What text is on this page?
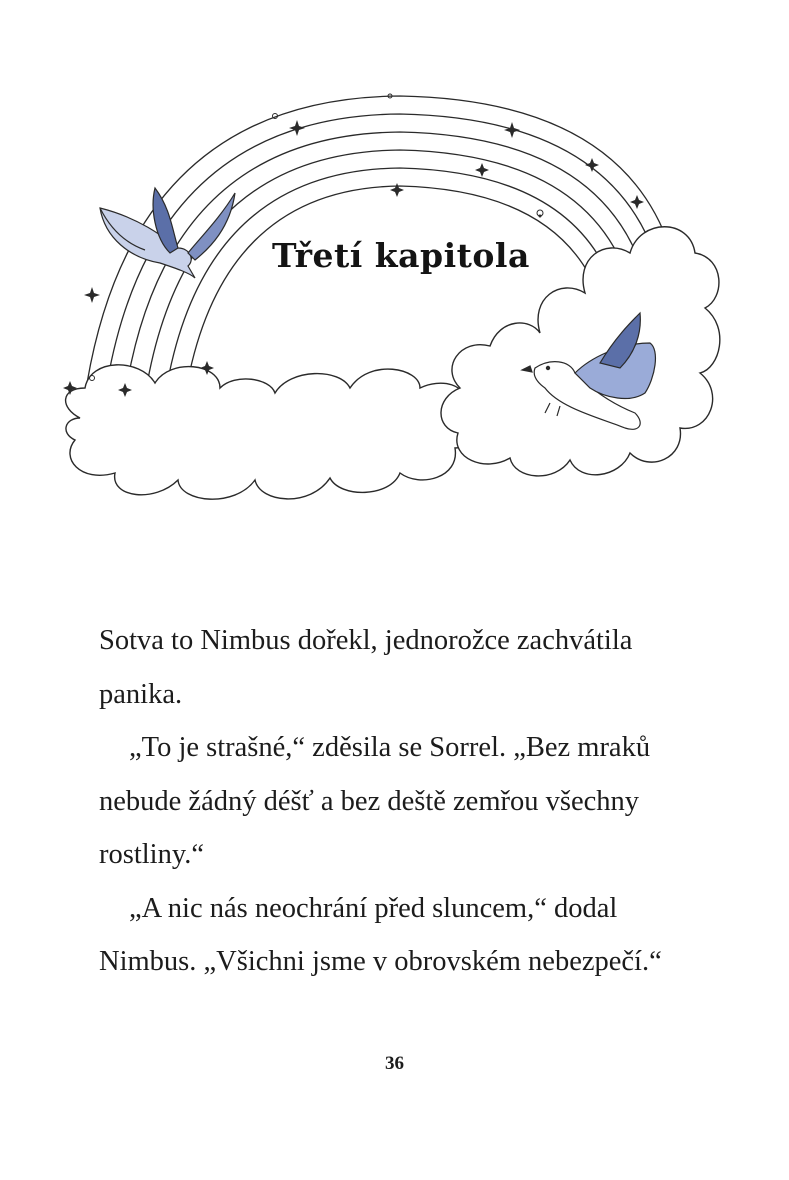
Třetí kapitola

Sotva to Nimbus dořekl, jednorožce zachvátila panika.

„To je strašné,“ zděsila se Sorrel. „Bez mraků nebude žádný déšť a bez deště zemřou všechny rostliny.“

„A nic nás neochrání před sluncem,“ dodal Nimbus. „Všichni jsme v obrovském nebezpečí.“

36
